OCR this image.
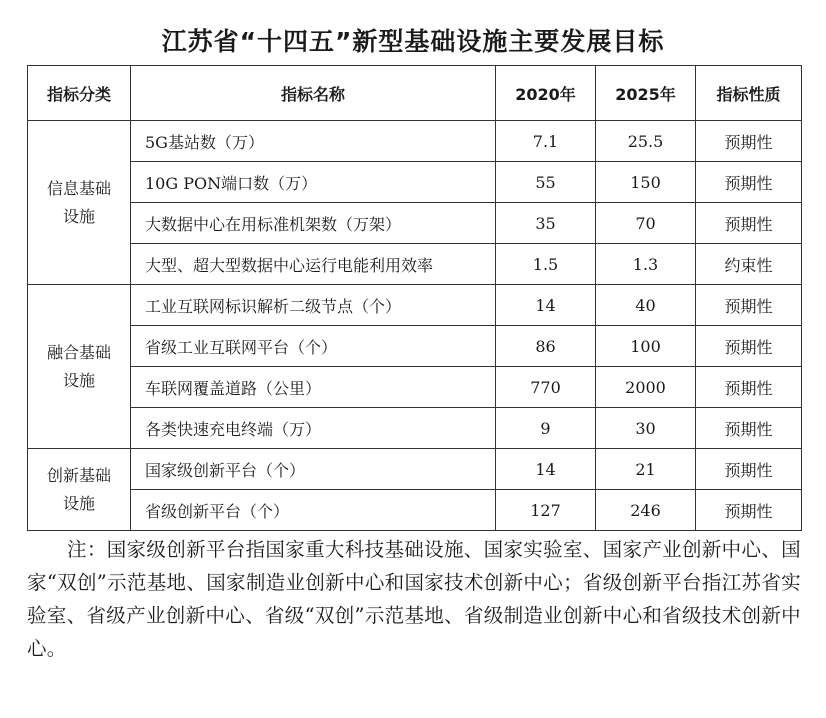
江苏省“十四五”新型基础设施主要发展目标
指标分类	指标名称	2020年	2025年	指标性质

信息基础
设施	5G基站数（万）	7.1	25.5	预期性
	10G PON端口数（万）	55	150	预期性
	大数据中心在用标准机架数（万架）	35	70	预期性
	大型、超大型数据中心运行电能利用效率	1.5	1.3	约束性

融合基础
设施	工业互联网标识解析二级节点（个）	14	40	预期性
	省级工业互联网平台（个）	86	100	预期性
	车联网覆盖道路（公里）	770	2000	预期性
	各类快速充电终端（万）	9	30	预期性

创新基础
设施	国家级创新平台（个）	14	21	预期性
	省级创新平台（个）	127	246	预期性
注：国家级创新平台指国家重大科技基础设施、国家实验室、国家产业创新中心、国家“双创”示范基地、国家制造业创新中心和国家技术创新中心；省级创新平台指江苏省实验室、省级产业创新中心、省级“双创”示范基地、省级制造业创新中心和省级技术创新中心。
